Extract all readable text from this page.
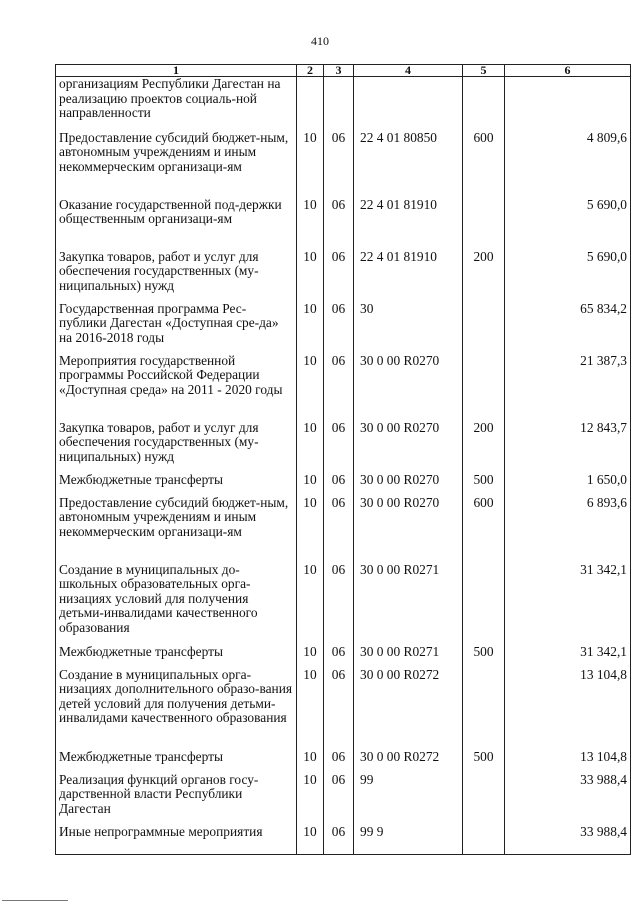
410
1	2	3	4	5	6
организациям Республики Дагестан на реализацию проектов социаль-ной направленности					
Предоставление субсидий бюджет-ным, автономным учреждениям и иным некоммерческим организаци-ям	10	06	22 4 01 80850	600	4 809,6
Оказание государственной под-держки общественным организаци-ям	10	06	22 4 01 81910		5 690,0
Закупка товаров, работ и услуг для обеспечения государственных (му-ниципальных) нужд	10	06	22 4 01 81910	200	5 690,0
Государственная программа Рес-публики Дагестан «Доступная сре-да» на 2016-2018 годы	10	06	30		65 834,2
Мероприятия государственной программы Российской Федерации «Доступная среда» на 2011 - 2020 годы	10	06	30 0 00 R0270		21 387,3
Закупка товаров, работ и услуг для обеспечения государственных (му-ниципальных) нужд	10	06	30 0 00 R0270	200	12 843,7
Межбюджетные трансферты	10	06	30 0 00 R0270	500	1 650,0
Предоставление субсидий бюджет-ным, автономным учреждениям и иным некоммерческим организаци-ям	10	06	30 0 00 R0270	600	6 893,6
Создание в муниципальных до-школьных образовательных орга-низациях условий для получения детьми-инвалидами качественного образования	10	06	30 0 00 R0271		31 342,1
Межбюджетные трансферты	10	06	30 0 00 R0271	500	31 342,1
Создание в муниципальных орга-низациях дополнительного образо-вания детей условий для получения детьми-инвалидами качественного образования	10	06	30 0 00 R0272		13 104,8
Межбюджетные трансферты	10	06	30 0 00 R0272	500	13 104,8
Реализация функций органов госу-дарственной власти Республики Дагестан	10	06	99		33 988,4
Иные непрограммные мероприятия	10	06	99 9		33 988,4
